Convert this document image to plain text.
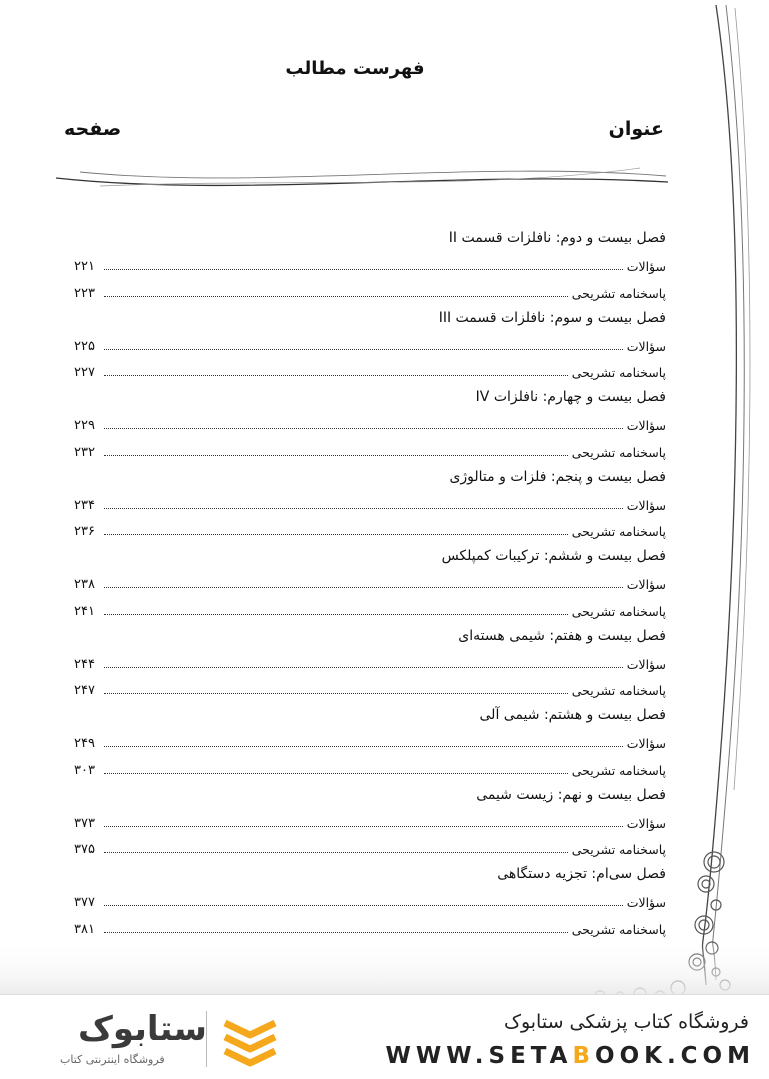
فهرست مطالب
عنوان
صفحه
فصل بیست و دوم: نافلزات قسمت II
سؤالات
۲۲۱
پاسخنامه تشریحی
۲۲۳
فصل بیست و سوم: نافلزات قسمت III
سؤالات
۲۲۵
پاسخنامه تشریحی
۲۲۷
فصل بیست و چهارم: نافلزات IV
سؤالات
۲۲۹
پاسخنامه تشریحی
۲۳۲
فصل بیست و پنجم: فلزات و متالوژی
سؤالات
۲۳۴
پاسخنامه تشریحی
۲۳۶
فصل بیست و ششم: ترکیبات کمپلکس
سؤالات
۲۳۸
پاسخنامه تشریحی
۲۴۱
فصل بیست و هفتم: شیمی هسته‌ای
سؤالات
۲۴۴
پاسخنامه تشریحی
۲۴۷
فصل بیست و هشتم: شیمی آلی
سؤالات
۲۴۹
پاسخنامه تشریحی
۳۰۳
فصل بیست و نهم: زیست شیمی
سؤالات
۳۷۳
پاسخنامه تشریحی
۳۷۵
فصل سی‌ام: تجزیه دستگاهی
سؤالات
۳۷۷
پاسخنامه تشریحی
۳۸۱
ستابوک
فروشگاه اینترنتی کتاب
فروشگاه کتاب پزشکی ستابوک
WWW.SETABOOK.COM
